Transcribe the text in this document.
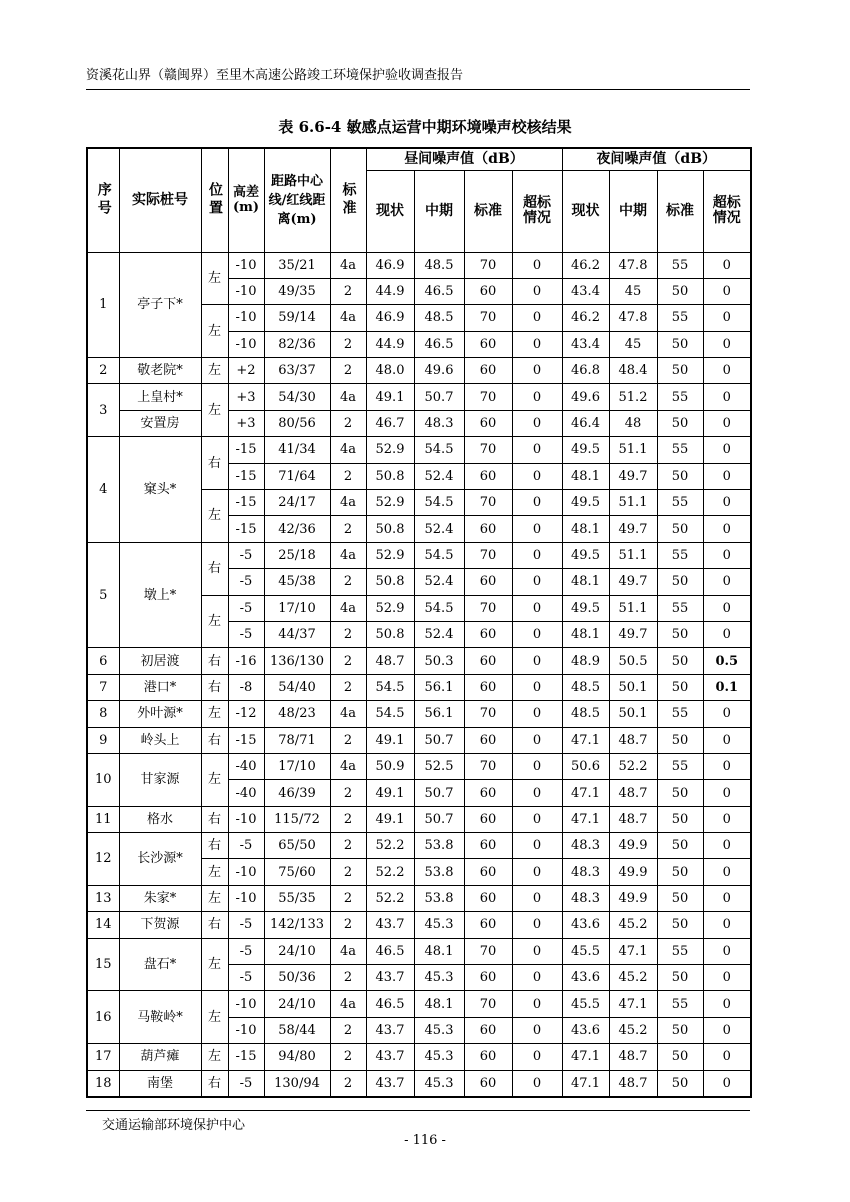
资溪花山界（赣闽界）至里木高速公路竣工环境保护验收调查报告
表 6.6-4 敏感点运营中期环境噪声校核结果
序号	实际桩号	位置	高差(m)	距路中心线/红线距离(m)	标准	昼间噪声值（dB）				夜间噪声值（dB）			
						现状	中期	标准	超标情况	现状	中期	标准	超标情况
1	亭子下*	左	-10	35/21	4a	46.9	48.5	70	0	46.2	47.8	55	0
			-10	49/35	2	44.9	46.5	60	0	43.4	45	50	0
		左	-10	59/14	4a	46.9	48.5	70	0	46.2	47.8	55	0
			-10	82/36	2	44.9	46.5	60	0	43.4	45	50	0
2	敬老院*	左	+2	63/37	2	48.0	49.6	60	0	46.8	48.4	50	0
3	上皇村*	左	+3	54/30	4a	49.1	50.7	70	0	49.6	51.2	55	0
	安置房		+3	80/56	2	46.7	48.3	60	0	46.4	48	50	0
4	窠头*	右	-15	41/34	4a	52.9	54.5	70	0	49.5	51.1	55	0
			-15	71/64	2	50.8	52.4	60	0	48.1	49.7	50	0
		左	-15	24/17	4a	52.9	54.5	70	0	49.5	51.1	55	0
			-15	42/36	2	50.8	52.4	60	0	48.1	49.7	50	0
5	墩上*	右	-5	25/18	4a	52.9	54.5	70	0	49.5	51.1	55	0
			-5	45/38	2	50.8	52.4	60	0	48.1	49.7	50	0
		左	-5	17/10	4a	52.9	54.5	70	0	49.5	51.1	55	0
			-5	44/37	2	50.8	52.4	60	0	48.1	49.7	50	0
6	初居渡	右	-16	136/130	2	48.7	50.3	60	0	48.9	50.5	50	0.5
7	港口*	右	-8	54/40	2	54.5	56.1	60	0	48.5	50.1	50	0.1
8	外叶源*	左	-12	48/23	4a	54.5	56.1	70	0	48.5	50.1	55	0
9	岭头上	右	-15	78/71	2	49.1	50.7	60	0	47.1	48.7	50	0
10	甘家源	左	-40	17/10	4a	50.9	52.5	70	0	50.6	52.2	55	0
			-40	46/39	2	49.1	50.7	60	0	47.1	48.7	50	0
11	格水	右	-10	115/72	2	49.1	50.7	60	0	47.1	48.7	50	0
12	长沙源*	右	-5	65/50	2	52.2	53.8	60	0	48.3	49.9	50	0
		左	-10	75/60	2	52.2	53.8	60	0	48.3	49.9	50	0
13	朱家*	左	-10	55/35	2	52.2	53.8	60	0	48.3	49.9	50	0
14	下贺源	右	-5	142/133	2	43.7	45.3	60	0	43.6	45.2	50	0
15	盘石*	左	-5	24/10	4a	46.5	48.1	70	0	45.5	47.1	55	0
			-5	50/36	2	43.7	45.3	60	0	43.6	45.2	50	0
16	马鞍岭*	左	-10	24/10	4a	46.5	48.1	70	0	45.5	47.1	55	0
			-10	58/44	2	43.7	45.3	60	0	43.6	45.2	50	0
17	葫芦瘫	左	-15	94/80	2	43.7	45.3	60	0	47.1	48.7	50	0
18	南堡	右	-5	130/94	2	43.7	45.3	60	0	47.1	48.7	50	0
交通运输部环境保护中心
- 116 -
